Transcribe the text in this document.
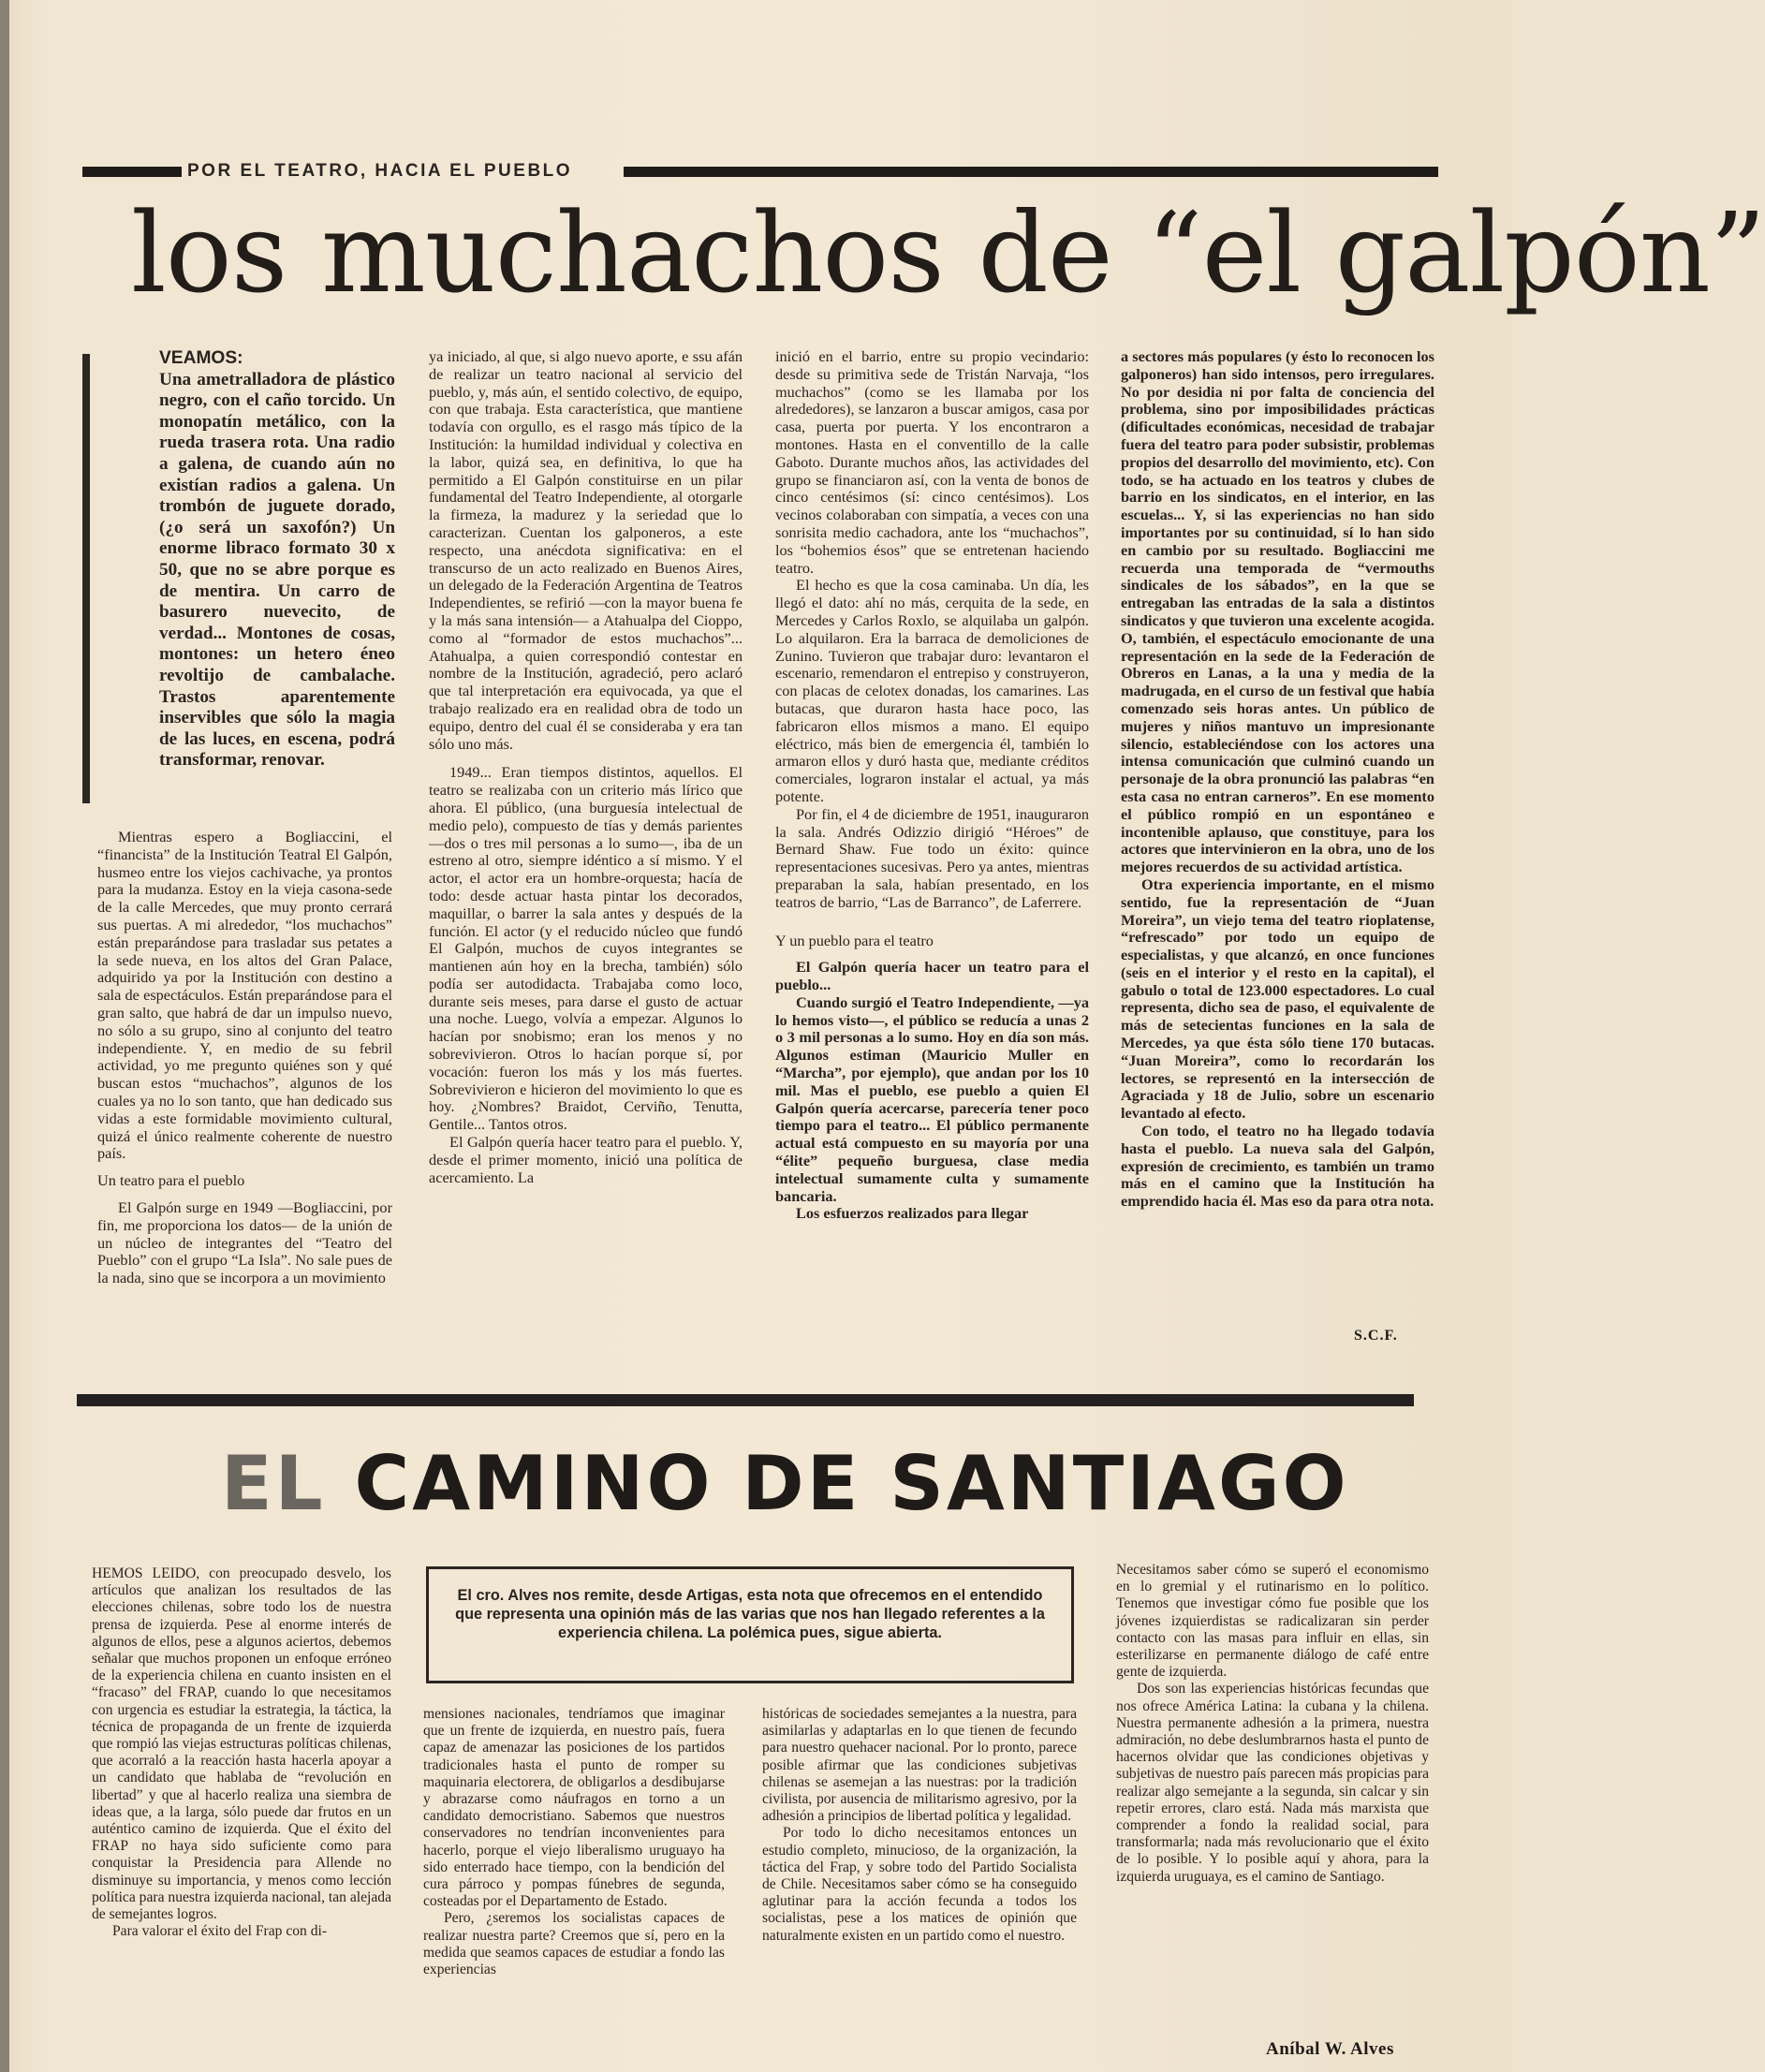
POR EL TEATRO, HACIA EL PUEBLO
los muchachos de “el galpón”
VEAMOS:
Una ametralladora de plástico negro, con el caño torcido. Un monopatín metálico, con la rueda trasera rota. Una radio a galena, de cuando aún no existían radios a galena. Un trombón de juguete dorado, (¿o será un saxofón?) Un enorme libraco formato 30 x 50, que no se abre porque es de mentira. Un carro de basurero nuevecito, de verdad... Montones de cosas, montones: un hetero éneo revoltijo de cambalache. Trastos aparentemente inservibles que sólo la magia de las luces, en escena, podrá transformar, renovar.

Mientras espero a Bogliaccini, el “financista” de la Institución Teatral El Galpón, husmeo entre los viejos cachivache, ya prontos para la mudanza. Estoy en la vieja casona-sede de la calle Mercedes, que muy pronto cerrará sus puertas. A mi alrededor, “los muchachos” están preparándose para trasladar sus petates a la sede nueva, en los altos del Gran Palace, adquirido ya por la Institución con destino a sala de espectáculos. Están preparándose para el gran salto, que habrá de dar un impulso nuevo, no sólo a su grupo, sino al conjunto del teatro independiente. Y, en medio de su febril actividad, yo me pregunto quiénes son y qué buscan estos “muchachos”, algunos de los cuales ya no lo son tanto, que han dedicado sus vidas a este formidable movimiento cultural, quizá el único realmente coherente de nuestro país.

Un teatro para el pueblo

El Galpón surge en 1949 —Bogliaccini, por fin, me proporciona los datos— de la unión de un núcleo de integrantes del “Teatro del Pueblo” con el grupo “La Isla”. No sale pues de la nada, sino que se incorpora a un movimiento

ya iniciado, al que, si algo nuevo aporte, e ssu afán de realizar un teatro nacional al servicio del pueblo, y, más aún, el sentido colectivo, de equipo, con que trabaja. Esta característica, que mantiene todavía con orgullo, es el rasgo más típico de la Institución: la humildad individual y colectiva en la labor, quizá sea, en definitiva, lo que ha permitido a El Galpón constituirse en un pilar fundamental del Teatro Independiente, al otorgarle la firmeza, la madurez y la seriedad que lo caracterizan. Cuentan los galponeros, a este respecto, una anécdota significativa: en el transcurso de un acto realizado en Buenos Aires, un delegado de la Federación Argentina de Teatros Independientes, se refirió —con la mayor buena fe y la más sana intensión— a Atahualpa del Cioppo, como al “formador de estos muchachos”... Atahualpa, a quien correspondió contestar en nombre de la Institución, agradeció, pero aclaró que tal interpretación era equivocada, ya que el trabajo realizado era en realidad obra de todo un equipo, dentro del cual él se consideraba y era tan sólo uno más.

1949... Eran tiempos distintos, aquellos. El teatro se realizaba con un criterio más lírico que ahora. El público, (una burguesía intelectual de medio pelo), compuesto de tías y demás parientes —dos o tres mil personas a lo sumo—, iba de un estreno al otro, siempre idéntico a sí mismo. Y el actor, el actor era un hombre-orquesta; hacía de todo: desde actuar hasta pintar los decorados, maquillar, o barrer la sala antes y después de la función. El actor (y el reducido núcleo que fundó El Galpón, muchos de cuyos integrantes se mantienen aún hoy en la brecha, también) sólo podía ser autodidacta. Trabajaba como loco, durante seis meses, para darse el gusto de actuar una noche. Luego, volvía a empezar. Algunos lo hacían por snobismo; eran los menos y no sobrevivieron. Otros lo hacían porque sí, por vocación: fueron los más y los más fuertes. Sobrevivieron e hicieron del movimiento lo que es hoy. ¿Nombres? Braidot, Cerviño, Tenutta, Gentile... Tantos otros.

El Galpón quería hacer teatro para el pueblo. Y, desde el primer momento, inició una política de acercamiento. La

inició en el barrio, entre su propio vecindario: desde su primitiva sede de Tristán Narvaja, “los muchachos” (como se les llamaba por los alrededores), se lanzaron a buscar amigos, casa por casa, puerta por puerta. Y los encontraron a montones. Hasta en el conventillo de la calle Gaboto. Durante muchos años, las actividades del grupo se financiaron así, con la venta de bonos de cinco centésimos (sí: cinco centésimos). Los vecinos colaboraban con simpatía, a veces con una sonrisita medio cachadora, ante los “muchachos”, los “bohemios ésos” que se entretenan haciendo teatro.

El hecho es que la cosa caminaba. Un día, les llegó el dato: ahí no más, cerquita de la sede, en Mercedes y Carlos Roxlo, se alquilaba un galpón. Lo alquilaron. Era la barraca de demoliciones de Zunino. Tuvieron que trabajar duro: levantaron el escenario, remendaron el entrepiso y construyeron, con placas de celotex donadas, los camarines. Las butacas, que duraron hasta hace poco, las fabricaron ellos mismos a mano. El equipo eléctrico, más bien de emergencia él, también lo armaron ellos y duró hasta que, mediante créditos comerciales, lograron instalar el actual, ya más potente.

Por fin, el 4 de diciembre de 1951, inauguraron la sala. Andrés Odizzio dirigió “Héroes” de Bernard Shaw. Fue todo un éxito: quince representaciones sucesivas. Pero ya antes, mientras preparaban la sala, habían presentado, en los teatros de barrio, “Las de Barranco”, de Laferrere.

Y un pueblo para el teatro

El Galpón quería hacer un teatro para el pueblo...

Cuando surgió el Teatro Independiente, —ya lo hemos visto—, el público se reducía a unas 2 o 3 mil personas a lo sumo. Hoy en día son más. Algunos estiman (Mauricio Muller en “Marcha”, por ejemplo), que andan por los 10 mil. Mas el pueblo, ese pueblo a quien El Galpón quería acercarse, parecería tener poco tiempo para el teatro... El público permanente actual está compuesto en su mayoría por una “élite” pequeño burguesa, clase media intelectual sumamente culta y sumamente bancaria.

Los esfuerzos realizados para llegar

a sectores más populares (y ésto lo reconocen los galponeros) han sido intensos, pero irregulares. No por desidia ni por falta de conciencia del problema, sino por imposibilidades prácticas (dificultades económicas, necesidad de trabajar fuera del teatro para poder subsistir, problemas propios del desarrollo del movimiento, etc). Con todo, se ha actuado en los teatros y clubes de barrio en los sindicatos, en el interior, en las escuelas... Y, si las experiencias no han sido importantes por su continuidad, sí lo han sido en cambio por su resultado. Bogliaccini me recuerda una temporada de “vermouths sindicales de los sábados”, en la que se entregaban las entradas de la sala a distintos sindicatos y que tuvieron una excelente acogida. O, también, el espectáculo emocionante de una representación en la sede de la Federación de Obreros en Lanas, a la una y media de la madrugada, en el curso de un festival que había comenzado seis horas antes. Un público de mujeres y niños mantuvo un impresionante silencio, estableciéndose con los actores una intensa comunicación que culminó cuando un personaje de la obra pronunció las palabras “en esta casa no entran carneros”. En ese momento el público rompió en un espontáneo e incontenible aplauso, que constituye, para los actores que intervinieron en la obra, uno de los mejores recuerdos de su actividad artística.

Otra experiencia importante, en el mismo sentido, fue la representación de “Juan Moreira”, un viejo tema del teatro rioplatense, “refrescado” por todo un equipo de especialistas, y que alcanzó, en once funciones (seis en el interior y el resto en la capital), el gabulo o total de 123.000 espectadores. Lo cual representa, dicho sea de paso, el equivalente de más de setecientas funciones en la sala de Mercedes, ya que ésta sólo tiene 170 butacas. “Juan Moreira”, como lo recordarán los lectores, se representó en la intersección de Agraciada y 18 de Julio, sobre un escenario levantado al efecto.

Con todo, el teatro no ha llegado todavía hasta el pueblo. La nueva sala del Galpón, expresión de crecimiento, es también un tramo más en el camino que la Institución ha emprendido hacia él. Mas eso da para otra nota.

S.C.F.
EL CAMINO DE SANTIAGO
El cro. Alves nos remite, desde Artigas, esta nota que ofrecemos en el entendido que representa una opinión más de las varias que nos han llegado referentes a la experiencia chilena. La polémica pues, sigue abierta.

HEMOS LEIDO, con preocupado desvelo, los artículos que analizan los resultados de las elecciones chilenas, sobre todo los de nuestra prensa de izquierda. Pese al enorme interés de algunos de ellos, pese a algunos aciertos, debemos señalar que muchos proponen un enfoque erróneo de la experiencia chilena en cuanto insisten en el “fracaso” del FRAP, cuando lo que necesitamos con urgencia es estudiar la estrategia, la táctica, la técnica de propaganda de un frente de izquierda que rompió las viejas estructuras políticas chilenas, que acorraló a la reacción hasta hacerla apoyar a un candidato que hablaba de “revolución en libertad” y que al hacerlo realiza una siembra de ideas que, a la larga, sólo puede dar frutos en un auténtico camino de izquierda. Que el éxito del FRAP no haya sido suficiente como para conquistar la Presidencia para Allende no disminuye su importancia, y menos como lección política para nuestra izquierda nacional, tan alejada de semejantes logros.

Para valorar el éxito del Frap con di-

mensiones nacionales, tendríamos que imaginar que un frente de izquierda, en nuestro país, fuera capaz de amenazar las posiciones de los partidos tradicionales hasta el punto de romper su maquinaria electorera, de obligarlos a desdibujarse y abrazarse como náufragos en torno a un candidato democristiano. Sabemos que nuestros conservadores no tendrían inconvenientes para hacerlo, porque el viejo liberalismo uruguayo ha sido enterrado hace tiempo, con la bendición del cura párroco y pompas fúnebres de segunda, costeadas por el Departamento de Estado.

Pero, ¿seremos los socialistas capaces de realizar nuestra parte? Creemos que sí, pero en la medida que seamos capaces de estudiar a fondo las experiencias

históricas de sociedades semejantes a la nuestra, para asimilarlas y adaptarlas en lo que tienen de fecundo para nuestro quehacer nacional. Por lo pronto, parece posible afirmar que las condiciones subjetivas chilenas se asemejan a las nuestras: por la tradición civilista, por ausencia de militarismo agresivo, por la adhesión a principios de libertad política y legalidad.

Por todo lo dicho necesitamos entonces un estudio completo, minucioso, de la organización, la táctica del Frap, y sobre todo del Partido Socialista de Chile. Necesitamos saber cómo se ha conseguido aglutinar para la acción fecunda a todos los socialistas, pese a los matices de opinión que naturalmente existen en un partido como el nuestro.

Necesitamos saber cómo se superó el economismo en lo gremial y el rutinarismo en lo político. Tenemos que investigar cómo fue posible que los jóvenes izquierdistas se radicalizaran sin perder contacto con las masas para influir en ellas, sin esterilizarse en permanente diálogo de café entre gente de izquierda.

Dos son las experiencias históricas fecundas que nos ofrece América Latina: la cubana y la chilena. Nuestra permanente adhesión a la primera, nuestra admiración, no debe deslumbrarnos hasta el punto de hacernos olvidar que las condiciones objetivas y subjetivas de nuestro país parecen más propicias para realizar algo semejante a la segunda, sin calcar y sin repetir errores, claro está. Nada más marxista que comprender a fondo la realidad social, para transformarla; nada más revolucionario que el éxito de lo posible. Y lo posible aquí y ahora, para la izquierda uruguaya, es el camino de Santiago.

Aníbal W. Alves
